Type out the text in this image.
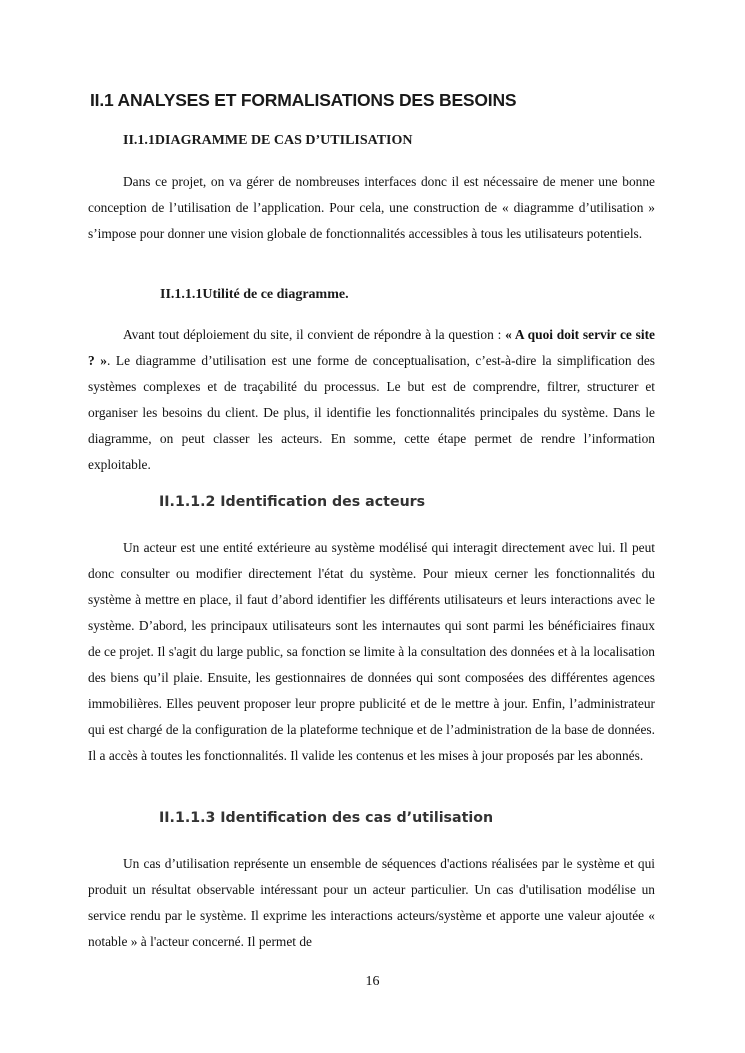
II.1 ANALYSES ET FORMALISATIONS DES BESOINS
II.1.1DIAGRAMME DE CAS D’UTILISATION

Dans ce projet, on va gérer de nombreuses interfaces donc il est nécessaire de mener une bonne conception de l’utilisation de l’application. Pour cela, une construction de « diagramme d’utilisation » s’impose pour donner une vision globale de fonctionnalités accessibles à tous les utilisateurs potentiels.

II.1.1.1Utilité de ce diagramme.

Avant tout déploiement du site, il convient de répondre à la question : « A quoi doit servir ce site ? ». Le diagramme d’utilisation est une forme de conceptualisation, c’est-à-dire la simplification des systèmes complexes et de traçabilité du processus. Le but est de comprendre, filtrer, structurer et organiser les besoins du client. De plus, il identifie les fonctionnalités principales du système. Dans le diagramme, on peut classer les acteurs. En somme, cette étape permet de rendre l’information exploitable.

II.1.1.2 Identification des acteurs

Un acteur est une entité extérieure au système modélisé qui interagit directement avec lui. Il peut donc consulter ou modifier directement l'état du système. Pour mieux cerner les fonctionnalités du système à mettre en place, il faut d’abord identifier les différents utilisateurs et leurs interactions avec le système. D’abord, les principaux utilisateurs sont les internautes qui sont parmi les bénéficiaires finaux de ce projet. Il s'agit du large public, sa fonction se limite à la consultation des données et à la localisation des biens qu’il plaie. Ensuite, les gestionnaires de données qui sont composées des différentes agences immobilières. Elles peuvent proposer leur propre publicité et de le mettre à jour. Enfin, l’administrateur qui est chargé de la configuration de la plateforme technique et de l’administration de la base de données. Il a accès à toutes les fonctionnalités. Il valide les contenus et les mises à jour proposés par les abonnés.

II.1.1.3 Identification des cas d’utilisation

Un cas d’utilisation représente un ensemble de séquences d'actions réalisées par le système et qui produit un résultat observable intéressant pour un acteur particulier. Un cas d'utilisation modélise un service rendu par le système. Il exprime les interactions acteurs/système et apporte une valeur ajoutée « notable » à l'acteur concerné. Il permet de

16
